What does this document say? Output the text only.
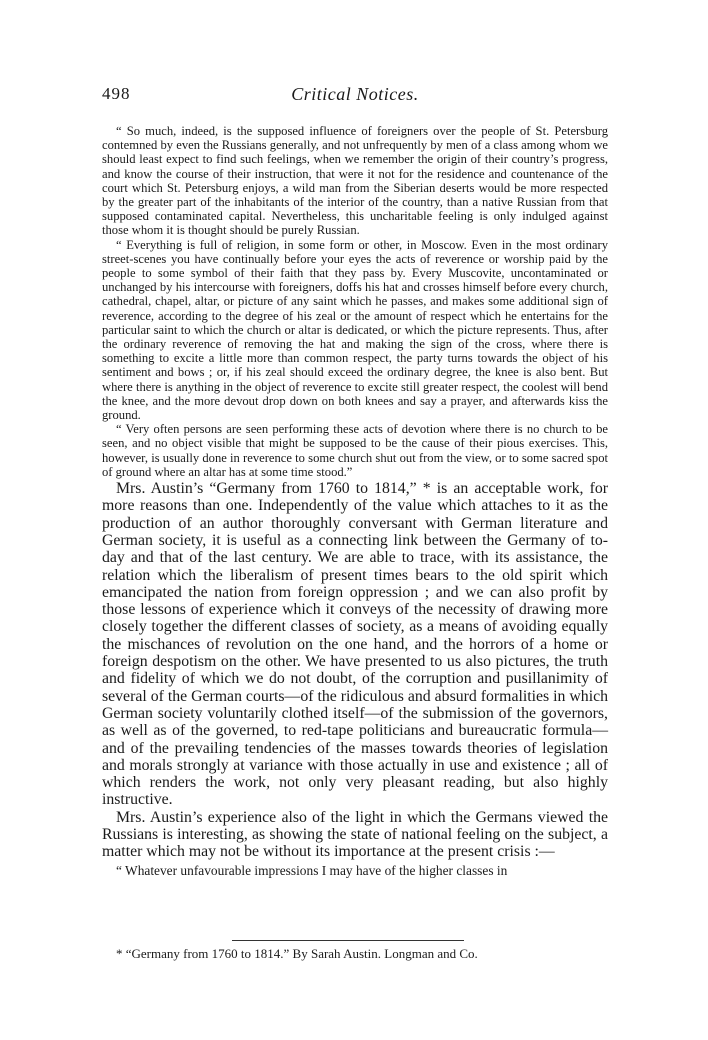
498	Critical Notices.

“ So much, indeed, is the supposed influence of foreigners over the people of St. Petersburg contemned by even the Russians generally, and not unfrequently by men of a class among whom we should least expect to find such feelings, when we remember the origin of their country’s progress, and know the course of their instruction, that were it not for the residence and countenance of the court which St. Petersburg enjoys, a wild man from the Siberian deserts would be more respected by the greater part of the inhabitants of the interior of the country, than a native Russian from that supposed contaminated capital. Nevertheless, this uncharitable feeling is only indulged against those whom it is thought should be purely Russian.

“ Everything is full of religion, in some form or other, in Moscow. Even in the most ordinary street-scenes you have continually before your eyes the acts of reverence or worship paid by the people to some symbol of their faith that they pass by. Every Muscovite, uncontaminated or unchanged by his intercourse with foreigners, doffs his hat and crosses himself before every church, cathedral, chapel, altar, or picture of any saint which he passes, and makes some additional sign of reverence, according to the degree of his zeal or the amount of respect which he entertains for the particular saint to which the church or altar is dedicated, or which the picture represents. Thus, after the ordinary reverence of removing the hat and making the sign of the cross, where there is something to excite a little more than common respect, the party turns towards the object of his sentiment and bows ; or, if his zeal should exceed the ordinary degree, the knee is also bent. But where there is anything in the object of reverence to excite still greater respect, the coolest will bend the knee, and the more devout drop down on both knees and say a prayer, and afterwards kiss the ground.

“ Very often persons are seen performing these acts of devotion where there is no church to be seen, and no object visible that might be supposed to be the cause of their pious exercises. This, however, is usually done in reverence to some church shut out from the view, or to some sacred spot of ground where an altar has at some time stood.”

Mrs. Austin’s “Germany from 1760 to 1814,” * is an acceptable work, for more reasons than one. Independently of the value which attaches to it as the production of an author thoroughly conversant with German literature and German society, it is useful as a connecting link between the Germany of to-day and that of the last century. We are able to trace, with its assistance, the relation which the liberalism of present times bears to the old spirit which emancipated the nation from foreign oppression ; and we can also profit by those lessons of experience which it conveys of the necessity of drawing more closely together the different classes of society, as a means of avoiding equally the mischances of revolution on the one hand, and the horrors of a home or foreign despotism on the other. We have presented to us also pictures, the truth and fidelity of which we do not doubt, of the corruption and pusillanimity of several of the German courts—of the ridiculous and absurd formalities in which German society voluntarily clothed itself—of the submission of the governors, as well as of the governed, to red-tape politicians and bureaucratic formula—and of the prevailing tendencies of the masses towards theories of legislation and morals strongly at variance with those actually in use and existence ; all of which renders the work, not only very pleasant reading, but also highly instructive.

Mrs. Austin’s experience also of the light in which the Germans viewed the Russians is interesting, as showing the state of national feeling on the subject, a matter which may not be without its importance at the present crisis :—

“ Whatever unfavourable impressions I may have of the higher classes in

* “Germany from 1760 to 1814.” By Sarah Austin. Longman and Co.
